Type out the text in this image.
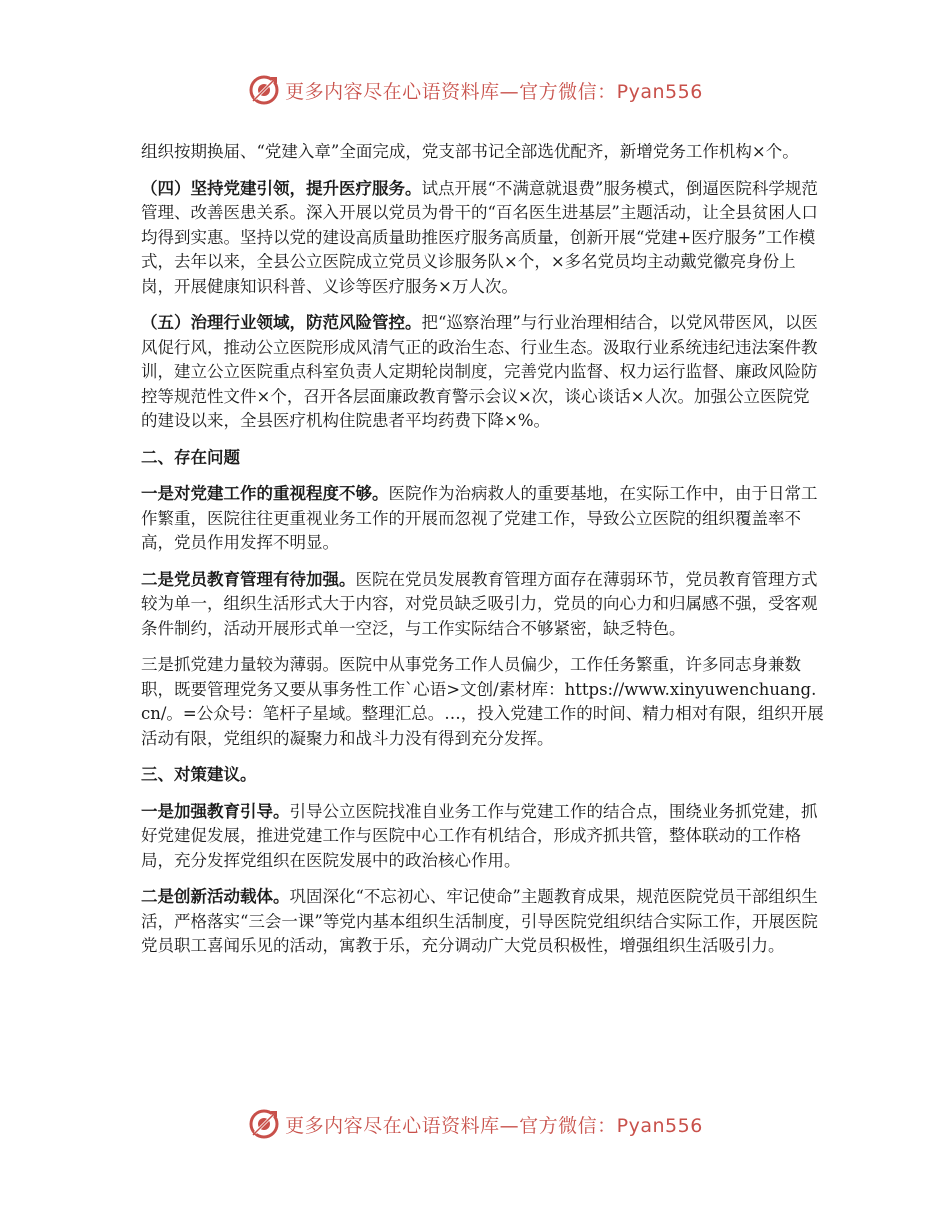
更多内容尽在心语资料库—官方微信：Pyan556

组织按期换届、“党建入章”全面完成，党支部书记全部选优配齐，新增党务工作机构×个。

（四）坚持党建引领，提升医疗服务。试点开展“不满意就退费”服务模式，倒逼医院科学规范管理、改善医患关系。深入开展以党员为骨干的“百名医生进基层”主题活动，让全县贫困人口均得到实惠。坚持以党的建设高质量助推医疗服务高质量，创新开展“党建+医疗服务”工作模式，去年以来，全县公立医院成立党员义诊服务队×个，×多名党员均主动戴党徽亮身份上岗，开展健康知识科普、义诊等医疗服务×万人次。

（五）治理行业领域，防范风险管控。把“巡察治理”与行业治理相结合，以党风带医风，以医风促行风，推动公立医院形成风清气正的政治生态、行业生态。汲取行业系统违纪违法案件教训，建立公立医院重点科室负责人定期轮岗制度，完善党内监督、权力运行监督、廉政风险防控等规范性文件×个，召开各层面廉政教育警示会议×次，谈心谈话×人次。加强公立医院党的建设以来，全县医疗机构住院患者平均药费下降×%。

二、存在问题

一是对党建工作的重视程度不够。医院作为治病救人的重要基地，在实际工作中，由于日常工作繁重，医院往往更重视业务工作的开展而忽视了党建工作，导致公立医院的组织覆盖率不高，党员作用发挥不明显。

二是党员教育管理有待加强。医院在党员发展教育管理方面存在薄弱环节，党员教育管理方式较为单一，组织生活形式大于内容，对党员缺乏吸引力，党员的向心力和归属感不强，受客观条件制约，活动开展形式单一空泛，与工作实际结合不够紧密，缺乏特色。

三是抓党建力量较为薄弱。医院中从事党务工作人员偏少，工作任务繁重，许多同志身兼数职，既要管理党务又要从事务性工作`心语>文创/素材库：https://www.xinyuwenchuang.cn/。=公众号：笔杆子星域。整理汇总。…，投入党建工作的时间、精力相对有限，组织开展活动有限，党组织的凝聚力和战斗力没有得到充分发挥。

三、对策建议。

一是加强教育引导。引导公立医院找准自业务工作与党建工作的结合点，围绕业务抓党建，抓好党建促发展，推进党建工作与医院中心工作有机结合，形成齐抓共管，整体联动的工作格局，充分发挥党组织在医院发展中的政治核心作用。

二是创新活动载体。巩固深化“不忘初心、牢记使命”主题教育成果，规范医院党员干部组织生活，严格落实“三会一课”等党内基本组织生活制度，引导医院党组织结合实际工作，开展医院党员职工喜闻乐见的活动，寓教于乐，充分调动广大党员积极性，增强组织生活吸引力。

更多内容尽在心语资料库—官方微信：Pyan556
